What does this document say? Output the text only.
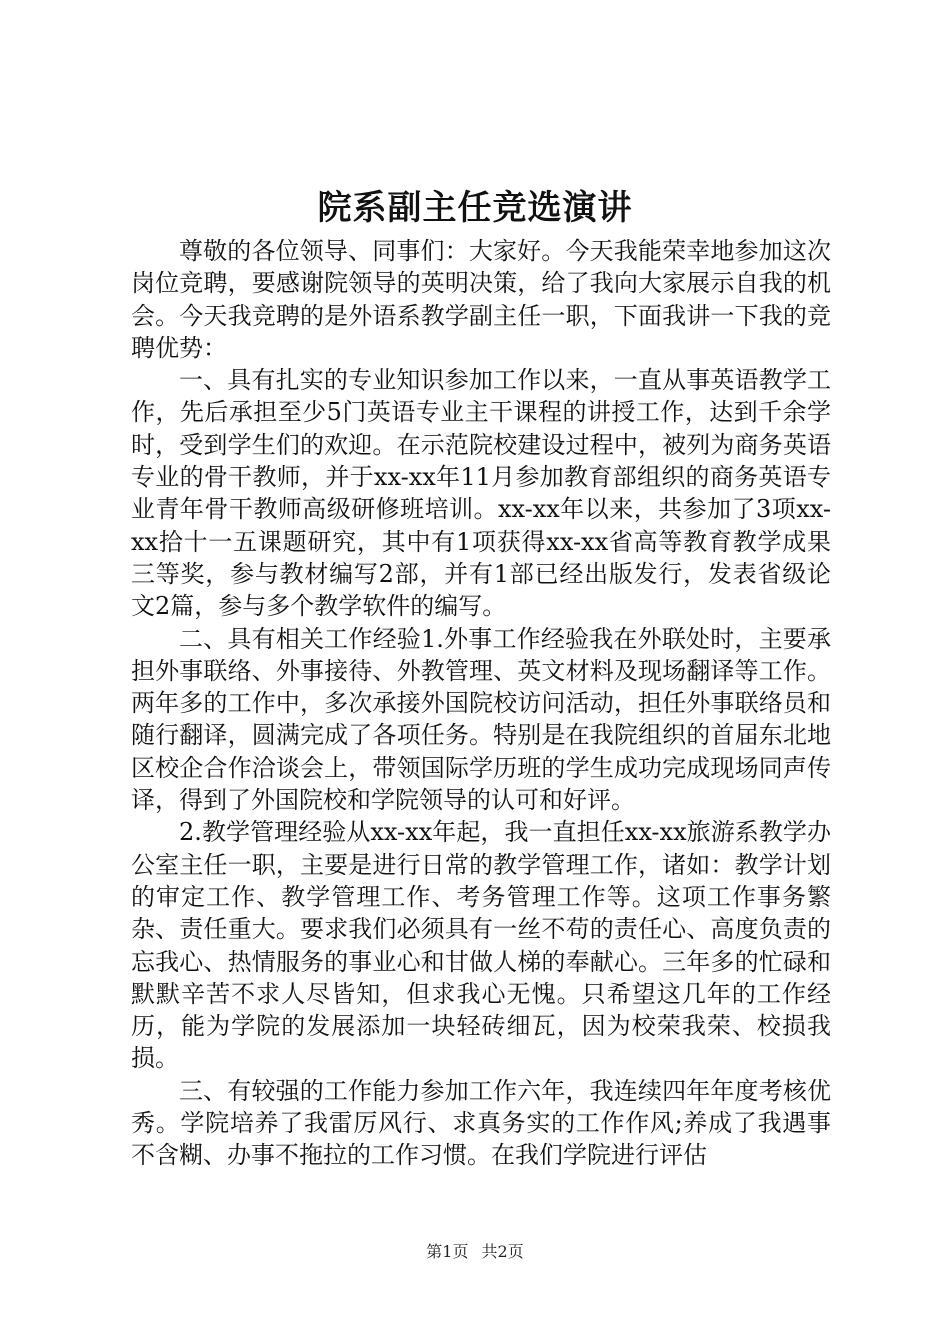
院系副主任竞选演讲

尊敬的各位领导、同事们：大家好。今天我能荣幸地参加这次岗位竞聘，要感谢院领导的英明决策，给了我向大家展示自我的机会。今天我竞聘的是外语系教学副主任一职，下面我讲一下我的竞聘优势：

一、具有扎实的专业知识参加工作以来，一直从事英语教学工作，先后承担至少5门英语专业主干课程的讲授工作，达到千余学时，受到学生们的欢迎。在示范院校建设过程中，被列为商务英语专业的骨干教师，并于xx-xx年11月参加教育部组织的商务英语专业青年骨干教师高级研修班培训。xx-xx年以来，共参加了3项xx-xx拾十一五课题研究，其中有1项获得xx-xx省高等教育教学成果三等奖，参与教材编写2部，并有1部已经出版发行，发表省级论文2篇，参与多个教学软件的编写。

二、具有相关工作经验1.外事工作经验我在外联处时，主要承担外事联络、外事接待、外教管理、英文材料及现场翻译等工作。两年多的工作中，多次承接外国院校访问活动，担任外事联络员和随行翻译，圆满完成了各项任务。特别是在我院组织的首届东北地区校企合作洽谈会上，带领国际学历班的学生成功完成现场同声传译，得到了外国院校和学院领导的认可和好评。

2.教学管理经验从xx-xx年起，我一直担任xx-xx旅游系教学办公室主任一职，主要是进行日常的教学管理工作，诸如：教学计划的审定工作、教学管理工作、考务管理工作等。这项工作事务繁杂、责任重大。要求我们必须具有一丝不苟的责任心、高度负责的忘我心、热情服务的事业心和甘做人梯的奉献心。三年多的忙碌和默默辛苦不求人尽皆知，但求我心无愧。只希望这几年的工作经历，能为学院的发展添加一块轻砖细瓦，因为校荣我荣、校损我损。

三、有较强的工作能力参加工作六年，我连续四年年度考核优秀。学院培养了我雷厉风行、求真务实的工作作风;养成了我遇事不含糊、办事不拖拉的工作习惯。在我们学院进行评估

第1页 共2页
